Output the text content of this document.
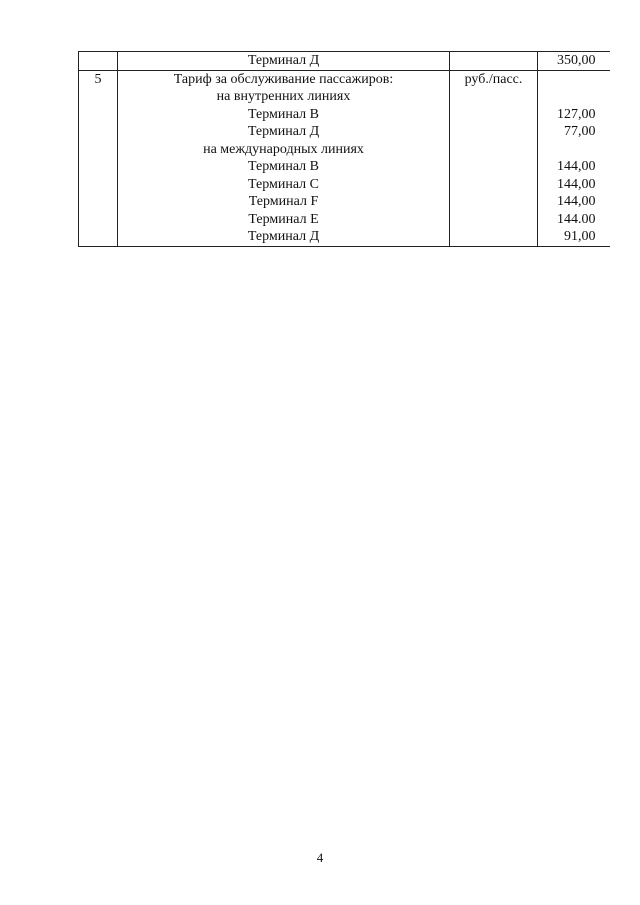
	Терминал Д		350,00
5	Тариф за обслуживание пассажиров:	руб./пасс.	
	на внутренних линиях		
	Терминал В		127,00
	Терминал Д		77,00
	на международных линиях		
	Терминал В		144,00
	Терминал С		144,00
	Терминал F		144,00
	Терминал Е		144.00
	Терминал Д		91,00
4
